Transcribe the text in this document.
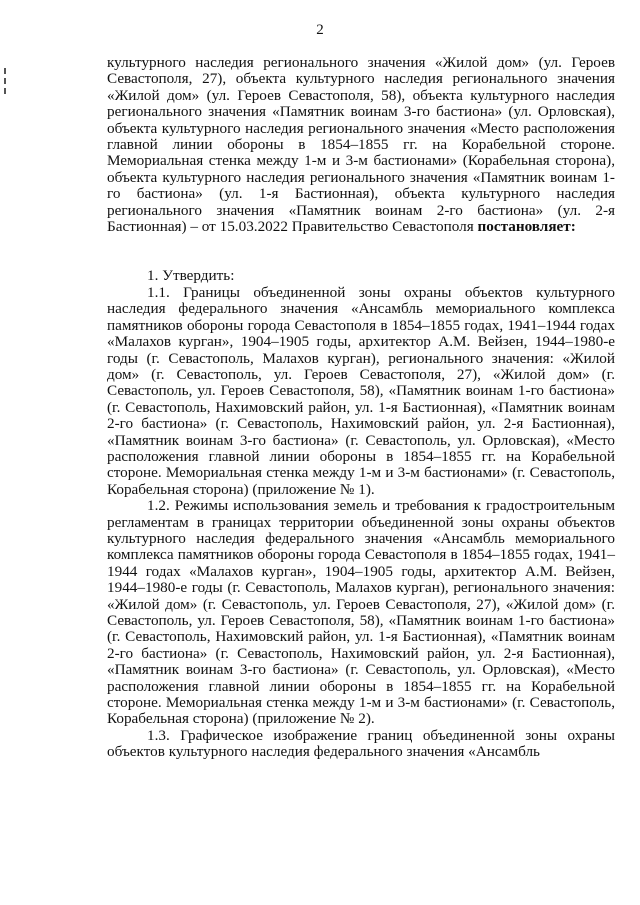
2

культурного наследия регионального значения «Жилой дом» (ул. Героев Севастополя, 27), объекта культурного наследия регионального значения «Жилой дом» (ул. Героев Севастополя, 58), объекта культурного наследия регионального значения «Памятник воинам 3-го бастиона» (ул. Орловская), объекта культурного наследия регионального значения «Место расположения главной линии обороны в 1854–1855 гг. на Корабельной стороне. Мемориальная стенка между 1-м и 3-м бастионами» (Корабельная сторона), объекта культурного наследия регионального значения «Памятник воинам 1-го бастиона» (ул. 1-я Бастионная), объекта культурного наследия регионального значения «Памятник воинам 2-го бастиона» (ул. 2-я Бастионная) – от 15.03.2022 Правительство Севастополя постановляет:

1. Утвердить:

1.1. Границы объединенной зоны охраны объектов культурного наследия федерального значения «Ансамбль мемориального комплекса памятников обороны города Севастополя в 1854–1855 годах, 1941–1944 годах «Малахов курган», 1904–1905 годы, архитектор А.М. Вейзен, 1944–1980-е годы (г. Севастополь, Малахов курган), регионального значения: «Жилой дом» (г. Севастополь, ул. Героев Севастополя, 27), «Жилой дом» (г. Севастополь, ул. Героев Севастополя, 58), «Памятник воинам 1-го бастиона» (г. Севастополь, Нахимовский район, ул. 1-я Бастионная), «Памятник воинам 2-го бастиона» (г. Севастополь, Нахимовский район, ул. 2-я Бастионная), «Памятник воинам 3-го бастиона» (г. Севастополь, ул. Орловская), «Место расположения главной линии обороны в 1854–1855 гг. на Корабельной стороне. Мемориальная стенка между 1-м и 3-м бастионами» (г. Севастополь, Корабельная сторона) (приложение № 1).

1.2. Режимы использования земель и требования к градостроительным регламентам в границах территории объединенной зоны охраны объектов культурного наследия федерального значения «Ансамбль мемориального комплекса памятников обороны города Севастополя в 1854–1855 годах, 1941–1944 годах «Малахов курган», 1904–1905 годы, архитектор А.М. Вейзен, 1944–1980-е годы (г. Севастополь, Малахов курган), регионального значения: «Жилой дом» (г. Севастополь, ул. Героев Севастополя, 27), «Жилой дом» (г. Севастополь, ул. Героев Севастополя, 58), «Памятник воинам 1-го бастиона» (г. Севастополь, Нахимовский район, ул. 1-я Бастионная), «Памятник воинам 2-го бастиона» (г. Севастополь, Нахимовский район, ул. 2-я Бастионная), «Памятник воинам 3-го бастиона» (г. Севастополь, ул. Орловская), «Место расположения главной линии обороны в 1854–1855 гг. на Корабельной стороне. Мемориальная стенка между 1-м и 3-м бастионами» (г. Севастополь, Корабельная сторона) (приложение № 2).

1.3. Графическое изображение границ объединенной зоны охраны объектов культурного наследия федерального значения «Ансамбль
